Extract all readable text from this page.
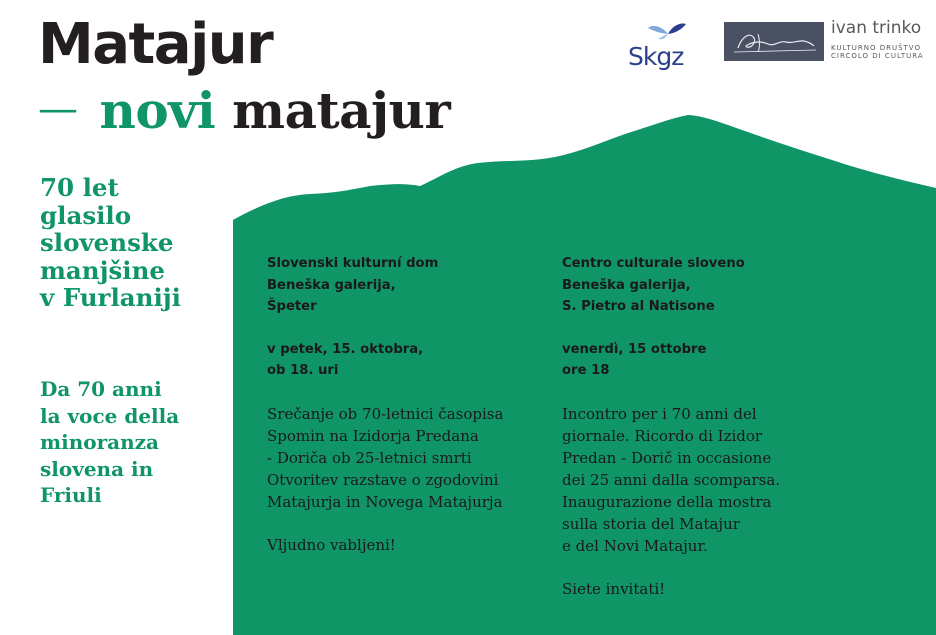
Matajur
— novi matajur
70 let
glasilo
slovenske
manjšine
v Furlaniji
Da 70 anni
la voce della
minoranza
slovena in
Friuli
Skgz
ivan trinko
KULTURNO DRUŠTVO
CIRCOLO DI CULTURA

Slovenski kulturní dom
Beneška galerija,
Špeter

v petek, 15. oktobra,
ob 18. uri

Srečanje ob 70-letnici časopisa
Spomin na Izidorja Predana
- Doriča ob 25-letnici smrti
Otvoritev razstave o zgodovini
Matajurja in Novega Matajurja

Vljudno vabljeni!

Centro culturale sloveno
Beneška galerija,
S. Pietro al Natisone

venerdì, 15 ottobre
ore 18

Incontro per i 70 anni del
giornale. Ricordo di Izidor
Predan - Dorič in occasione
dei 25 anni dalla scomparsa.
Inaugurazione della mostra
sulla storia del Matajur
e del Novi Matajur.

Siete invitati!
